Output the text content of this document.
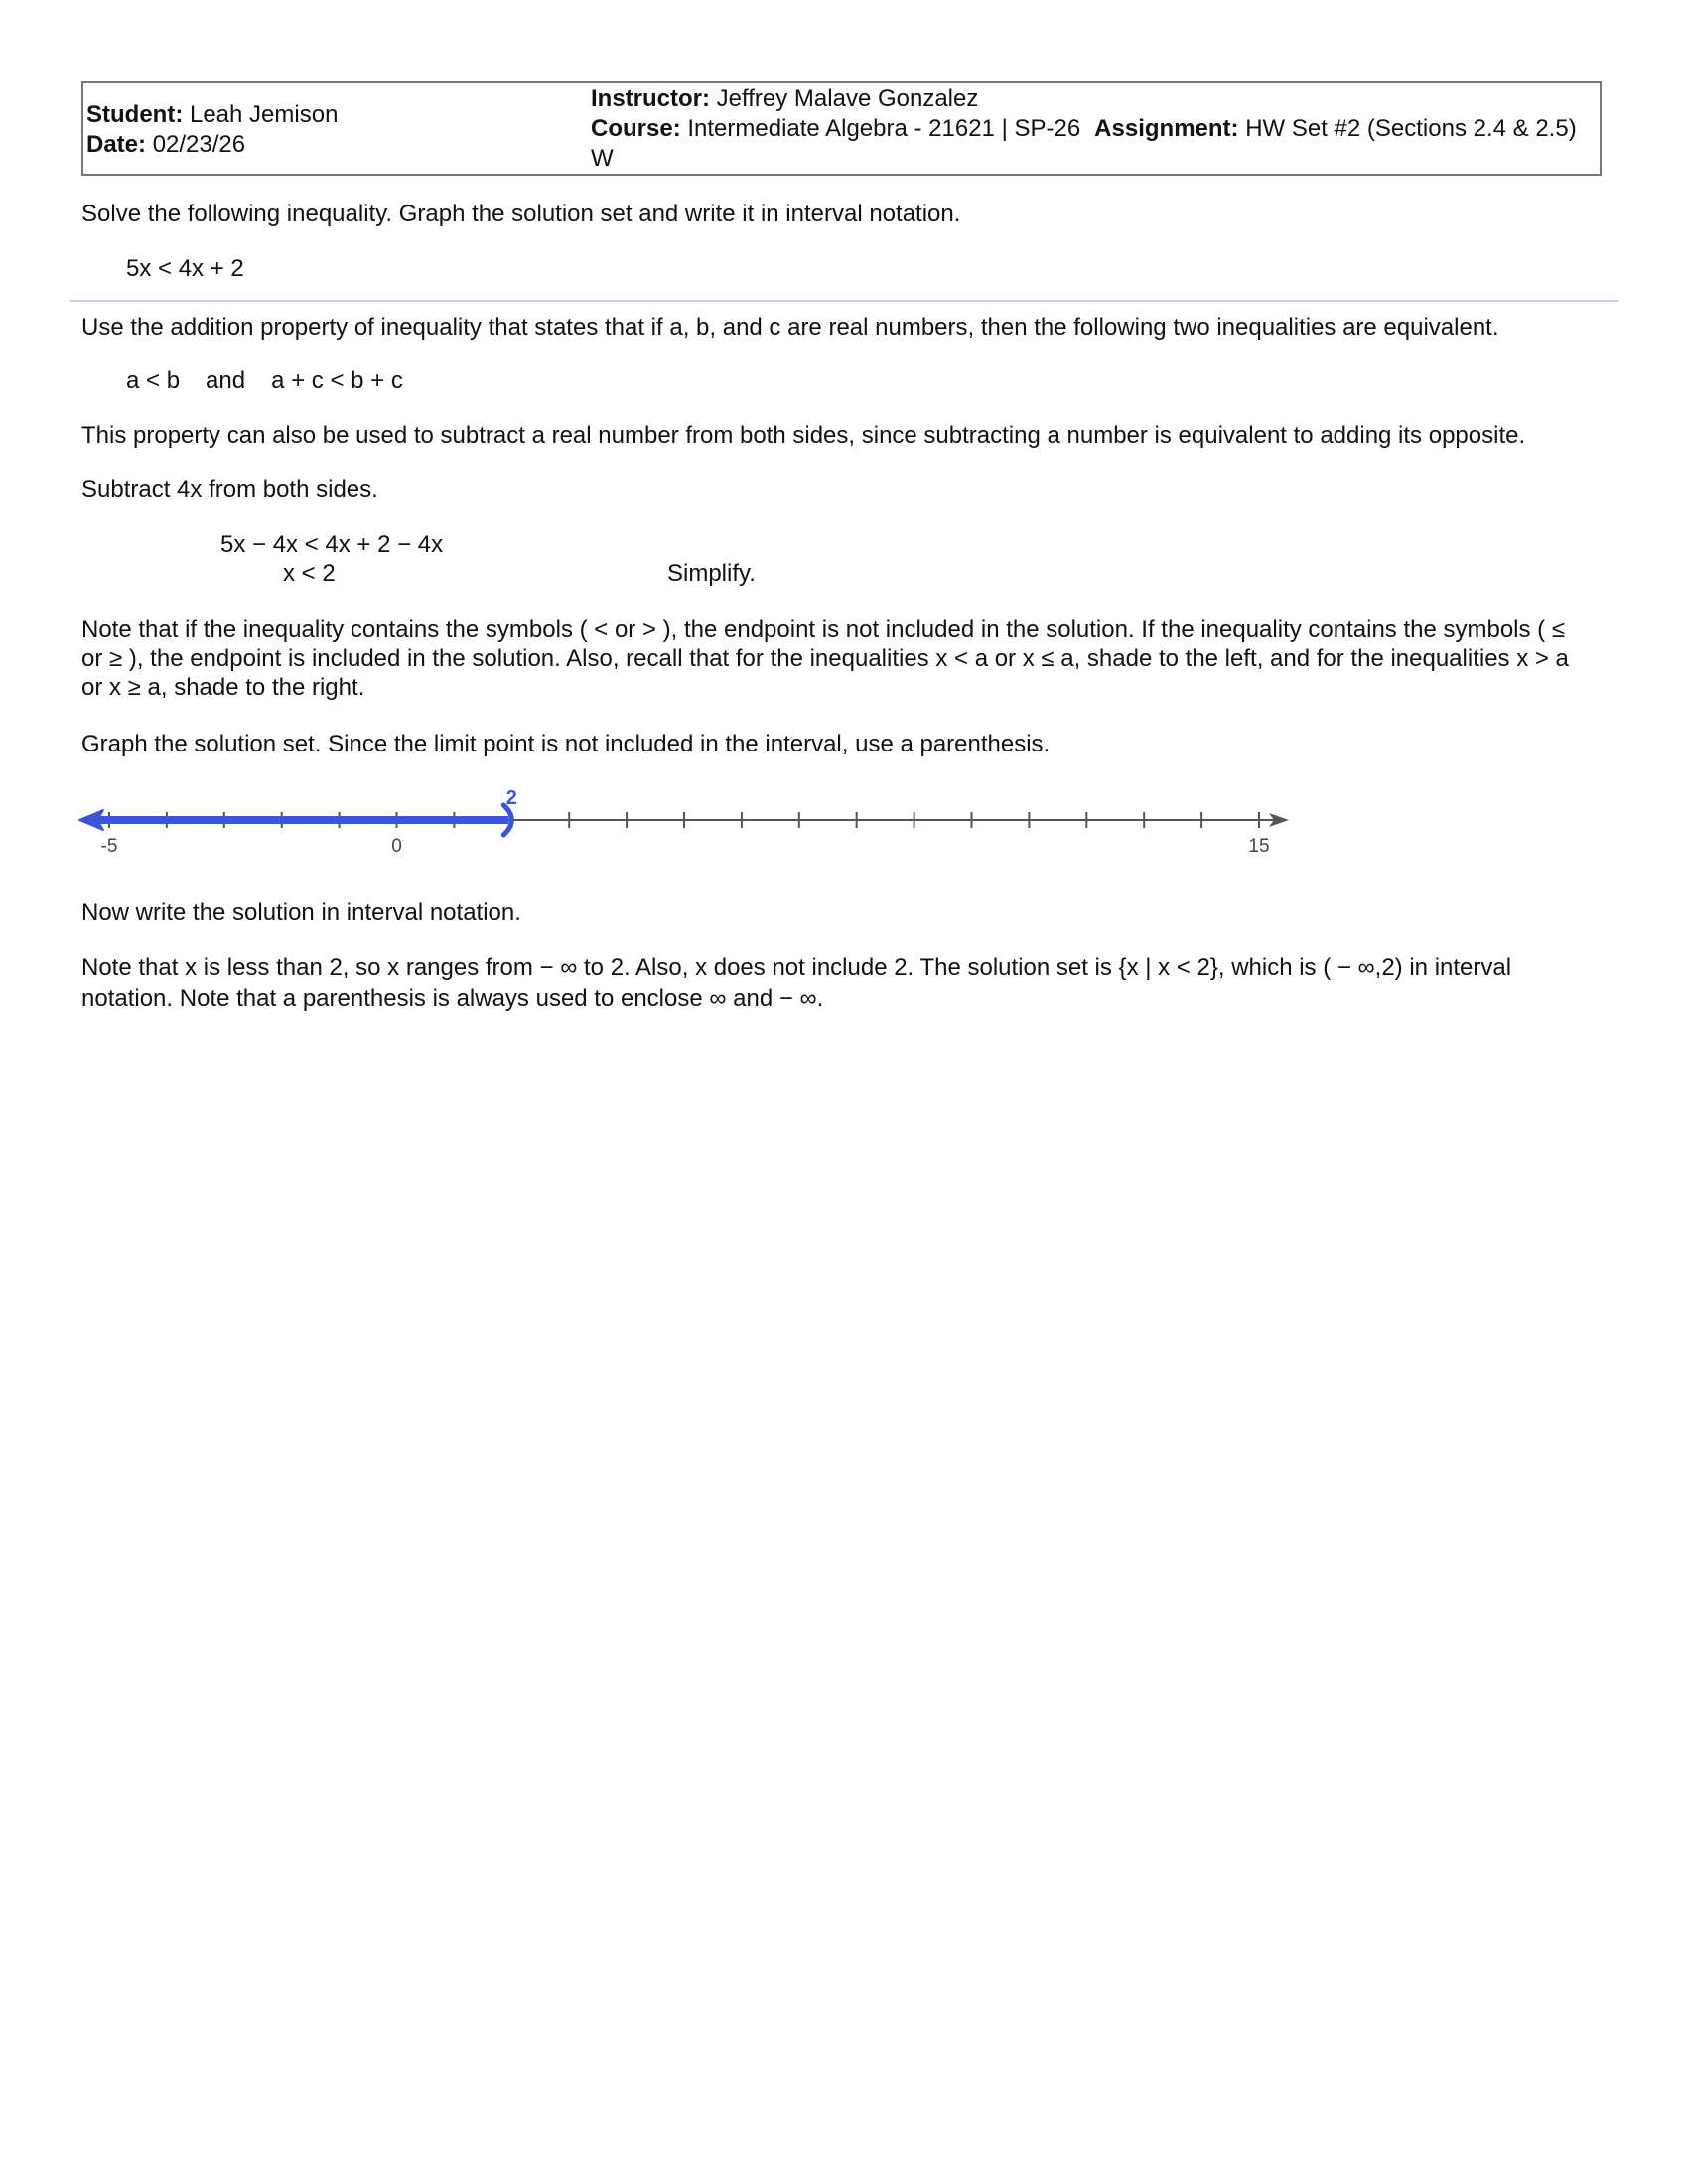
Student: Leah Jemison
Date: 02/23/26
Instructor: Jeffrey Malave Gonzalez
Course: Intermediate Algebra - 21621 | SP-26 Assignment: HW Set #2 (Sections 2.4 & 2.5)
W
Solve the following inequality. Graph the solution set and write it in interval notation.
5x < 4x + 2
Use the addition property of inequality that states that if a, b, and c are real numbers, then the following two inequalities are equivalent.
a < b and a + c < b + c
This property can also be used to subtract a real number from both sides, since subtracting a number is equivalent to adding its opposite.
Subtract 4x from both sides.
5x − 4x < 4x + 2 − 4x
x < 2	Simplify.
Note that if the inequality contains the symbols ( < or > ), the endpoint is not included in the solution. If the inequality contains the symbols ( ≤
or ≥ ), the endpoint is included in the solution. Also, recall that for the inequalities x < a or x ≤ a, shade to the left, and for the inequalities x > a
or x ≥ a, shade to the right.
Graph the solution set. Since the limit point is not included in the interval, use a parenthesis.
-5	0	15
2
Now write the solution in interval notation.
Note that x is less than 2, so x ranges from − ∞ to 2. Also, x does not include 2. The solution set is {x | x < 2}, which is ( − ∞,2) in interval
notation. Note that a parenthesis is always used to enclose ∞ and − ∞.
